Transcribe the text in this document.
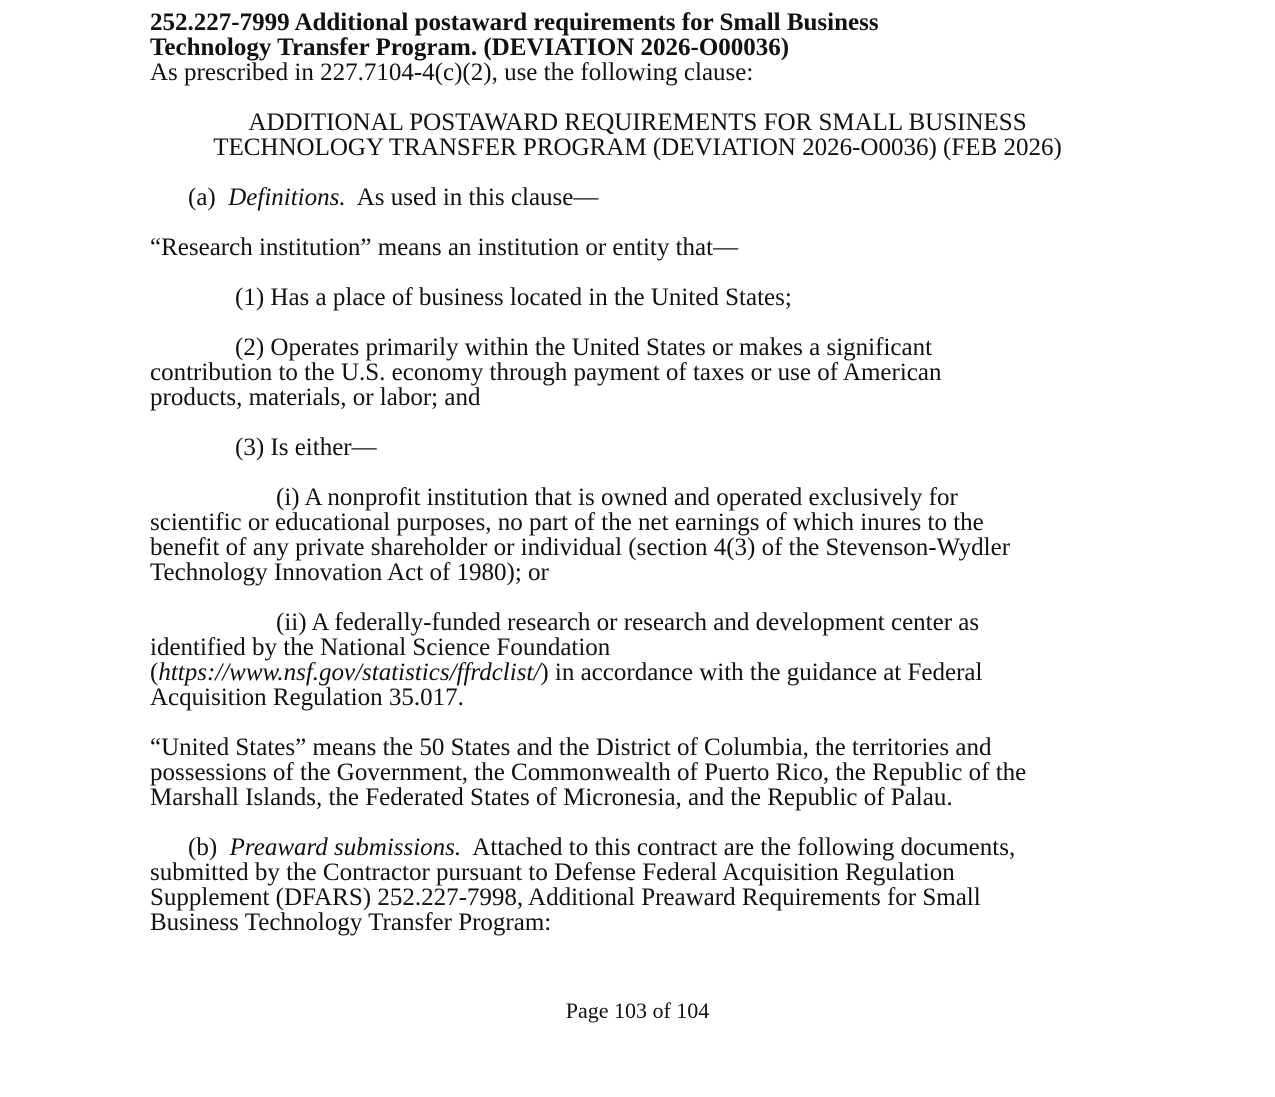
252.227-7999 Additional postaward requirements for Small Business
Technology Transfer Program. (DEVIATION 2026-O00036)
As prescribed in 227.7104-4(c)(2), use the following clause:
ADDITIONAL POSTAWARD REQUIREMENTS FOR SMALL BUSINESS
TECHNOLOGY TRANSFER PROGRAM (DEVIATION 2026-O0036) (FEB 2026)
(a) Definitions. As used in this clause—
“Research institution” means an institution or entity that—
(1) Has a place of business located in the United States;
(2) Operates primarily within the United States or makes a significant
contribution to the U.S. economy through payment of taxes or use of American
products, materials, or labor; and
(3) Is either—
(i) A nonprofit institution that is owned and operated exclusively for
scientific or educational purposes, no part of the net earnings of which inures to the
benefit of any private shareholder or individual (section 4(3) of the Stevenson-Wydler
Technology Innovation Act of 1980); or
(ii) A federally-funded research or research and development center as
identified by the National Science Foundation
(https://www.nsf.gov/statistics/ffrdclist/) in accordance with the guidance at Federal
Acquisition Regulation 35.017.
“United States” means the 50 States and the District of Columbia, the territories and
possessions of the Government, the Commonwealth of Puerto Rico, the Republic of the
Marshall Islands, the Federated States of Micronesia, and the Republic of Palau.
(b) Preaward submissions. Attached to this contract are the following documents,
submitted by the Contractor pursuant to Defense Federal Acquisition Regulation
Supplement (DFARS) 252.227-7998, Additional Preaward Requirements for Small
Business Technology Transfer Program:
Page 103 of 104
